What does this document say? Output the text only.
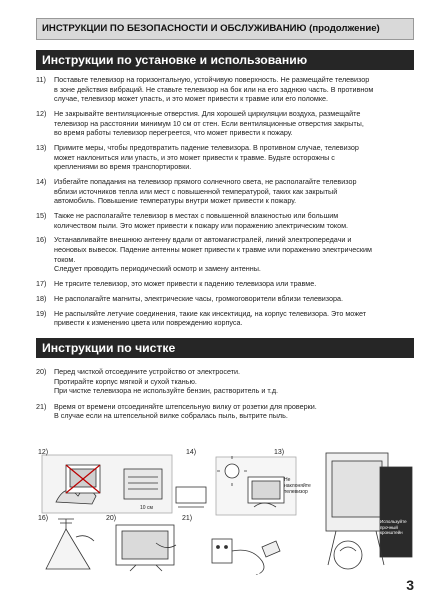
ИНСТРУКЦИИ ПО БЕЗОПАСНОСТИ И ОБСЛУЖИВАНИЮ (продолжение)
Инструкции по установке и использованию
11)	Поставьте телевизор на горизонтальную, устойчивую поверхность. Не размещайте телевизор
в зоне действия вибраций. Не ставьте телевизор на бок или на его заднюю часть. В противном
случае, телевизор может упасть, и это может привести к травме или его поломке.
12)	Не закрывайте вентиляционные отверстия. Для хорошей циркуляции воздуха, размещайте
телевизор на расстоянии минимум 10 см от стен. Если вентиляционные отверстия закрыты,
во время работы телевизор перегреется, что может привести к пожару.
13)	Примите меры, чтобы предотвратить падение телевизора. В противном случае, телевизор
может наклониться или упасть, и это может привести к травме. Будьте осторожны с
креплениями во время транспортировки.
14)	Избегайте попадания на телевизор прямого солнечного света, не располагайте телевизор
вблизи источников тепла или мест с повышенной температурой, таких как закрытый
автомобиль. Повышение температуры внутри может привести к пожару.
15)	Также не располагайте телевизор в местах с повышенной влажностью или большим
количеством пыли. Это может привести к пожару или поражению электрическим током.
16)	Устанавливайте внешнюю антенну вдали от автомагистралей, линий электропередачи и
неоновых вывесок. Падение антенны может привести к травме или поражению электрическим
током.
Следует проводить периодический осмотр и замену антенны.
17)	Не трясите телевизор, это может привести к падению телевизора или травме.
18)	Не располагайте магниты, электрические часы, громкоговорители вблизи телевизора.
19)	Не распыляйте летучие соединения, такие как инсектицид, на корпус телевизора. Это может
привести к изменению цвета или повреждению корпуса.
Инструкции по чистке
20)	Перед чисткой отсоедините устройство от электросети.
Протирайте корпус мягкой и сухой тканью.
При чистке телевизора не используйте бензин, растворитель и т.д.
21)	Время от времени отсоединяйте штепсельную вилку от розетки для проверки.
В случае если на штепсельной вилке собралась пыль, вытрите пыль.
12)	14)	13)
16)	20)	21)
Не
наклоняйте
телевизор
Используйте
прочный кронштейн
10 см
3
